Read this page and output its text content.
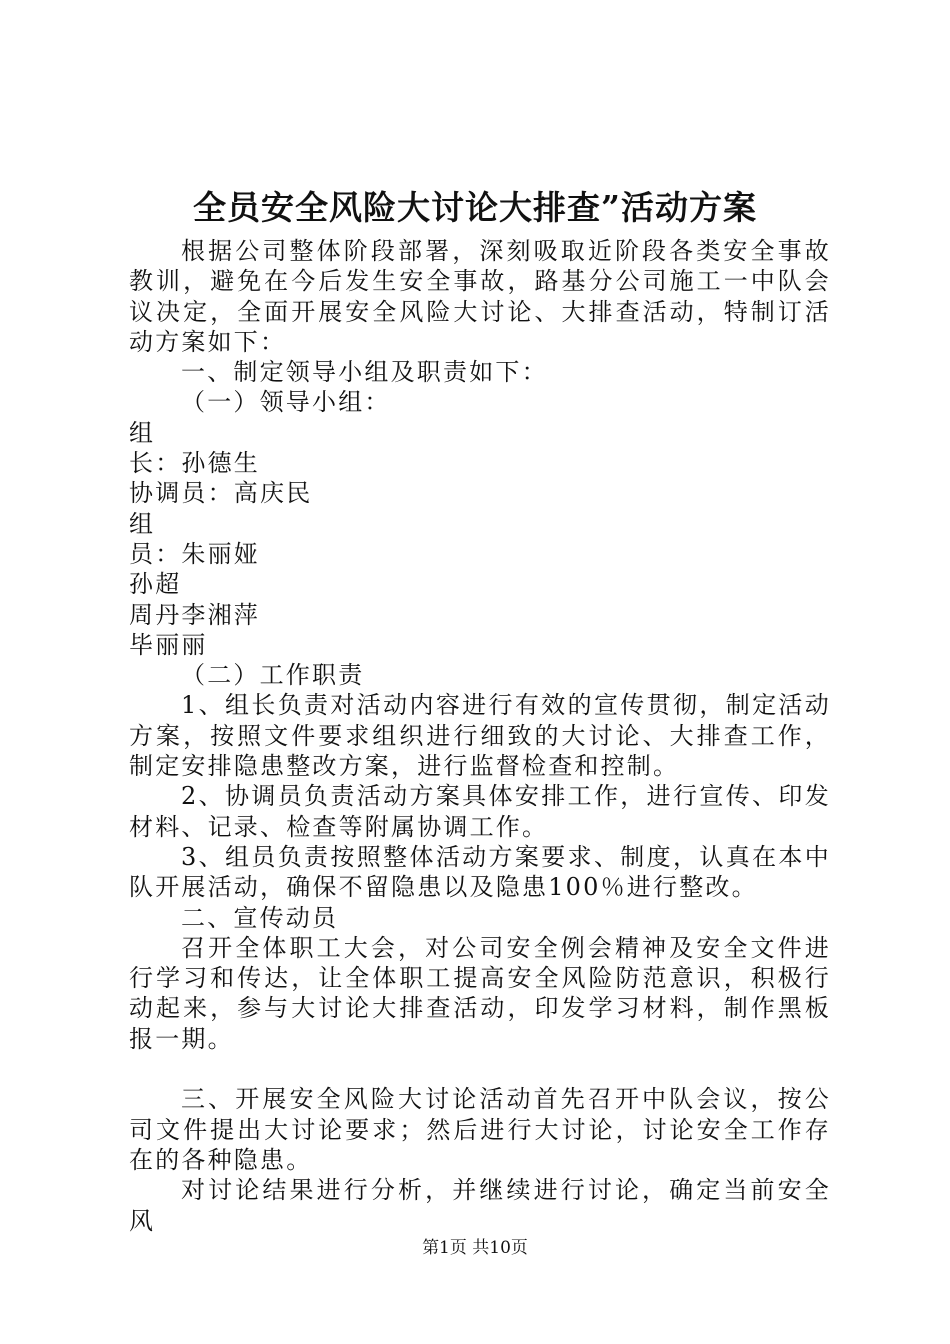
全员安全风险大讨论大排查”活动方案

根据公司整体阶段部署，深刻吸取近阶段各类安全事故教训，避免在今后发生安全事故，路基分公司施工一中队会议决定，全面开展安全风险大讨论、大排查活动，特制订活动方案如下：

一、制定领导小组及职责如下：

（一）领导小组：

组

长：孙德生

协调员：高庆民

组

员：朱丽娅

孙超

周丹李湘萍

毕丽丽

（二）工作职责

1、组长负责对活动内容进行有效的宣传贯彻，制定活动方案，按照文件要求组织进行细致的大讨论、大排查工作，制定安排隐患整改方案，进行监督检查和控制。

2、协调员负责活动方案具体安排工作，进行宣传、印发材料、记录、检查等附属协调工作。

3、组员负责按照整体活动方案要求、制度，认真在本中队开展活动，确保不留隐患以及隐患100％进行整改。

二、宣传动员

召开全体职工大会，对公司安全例会精神及安全文件进行学习和传达，让全体职工提高安全风险防范意识，积极行动起来，参与大讨论大排查活动，印发学习材料，制作黑板报一期。

三、开展安全风险大讨论活动首先召开中队会议，按公司文件提出大讨论要求；然后进行大讨论，讨论安全工作存在的各种隐患。

对讨论结果进行分析，并继续进行讨论，确定当前安全风

第1页 共10页
